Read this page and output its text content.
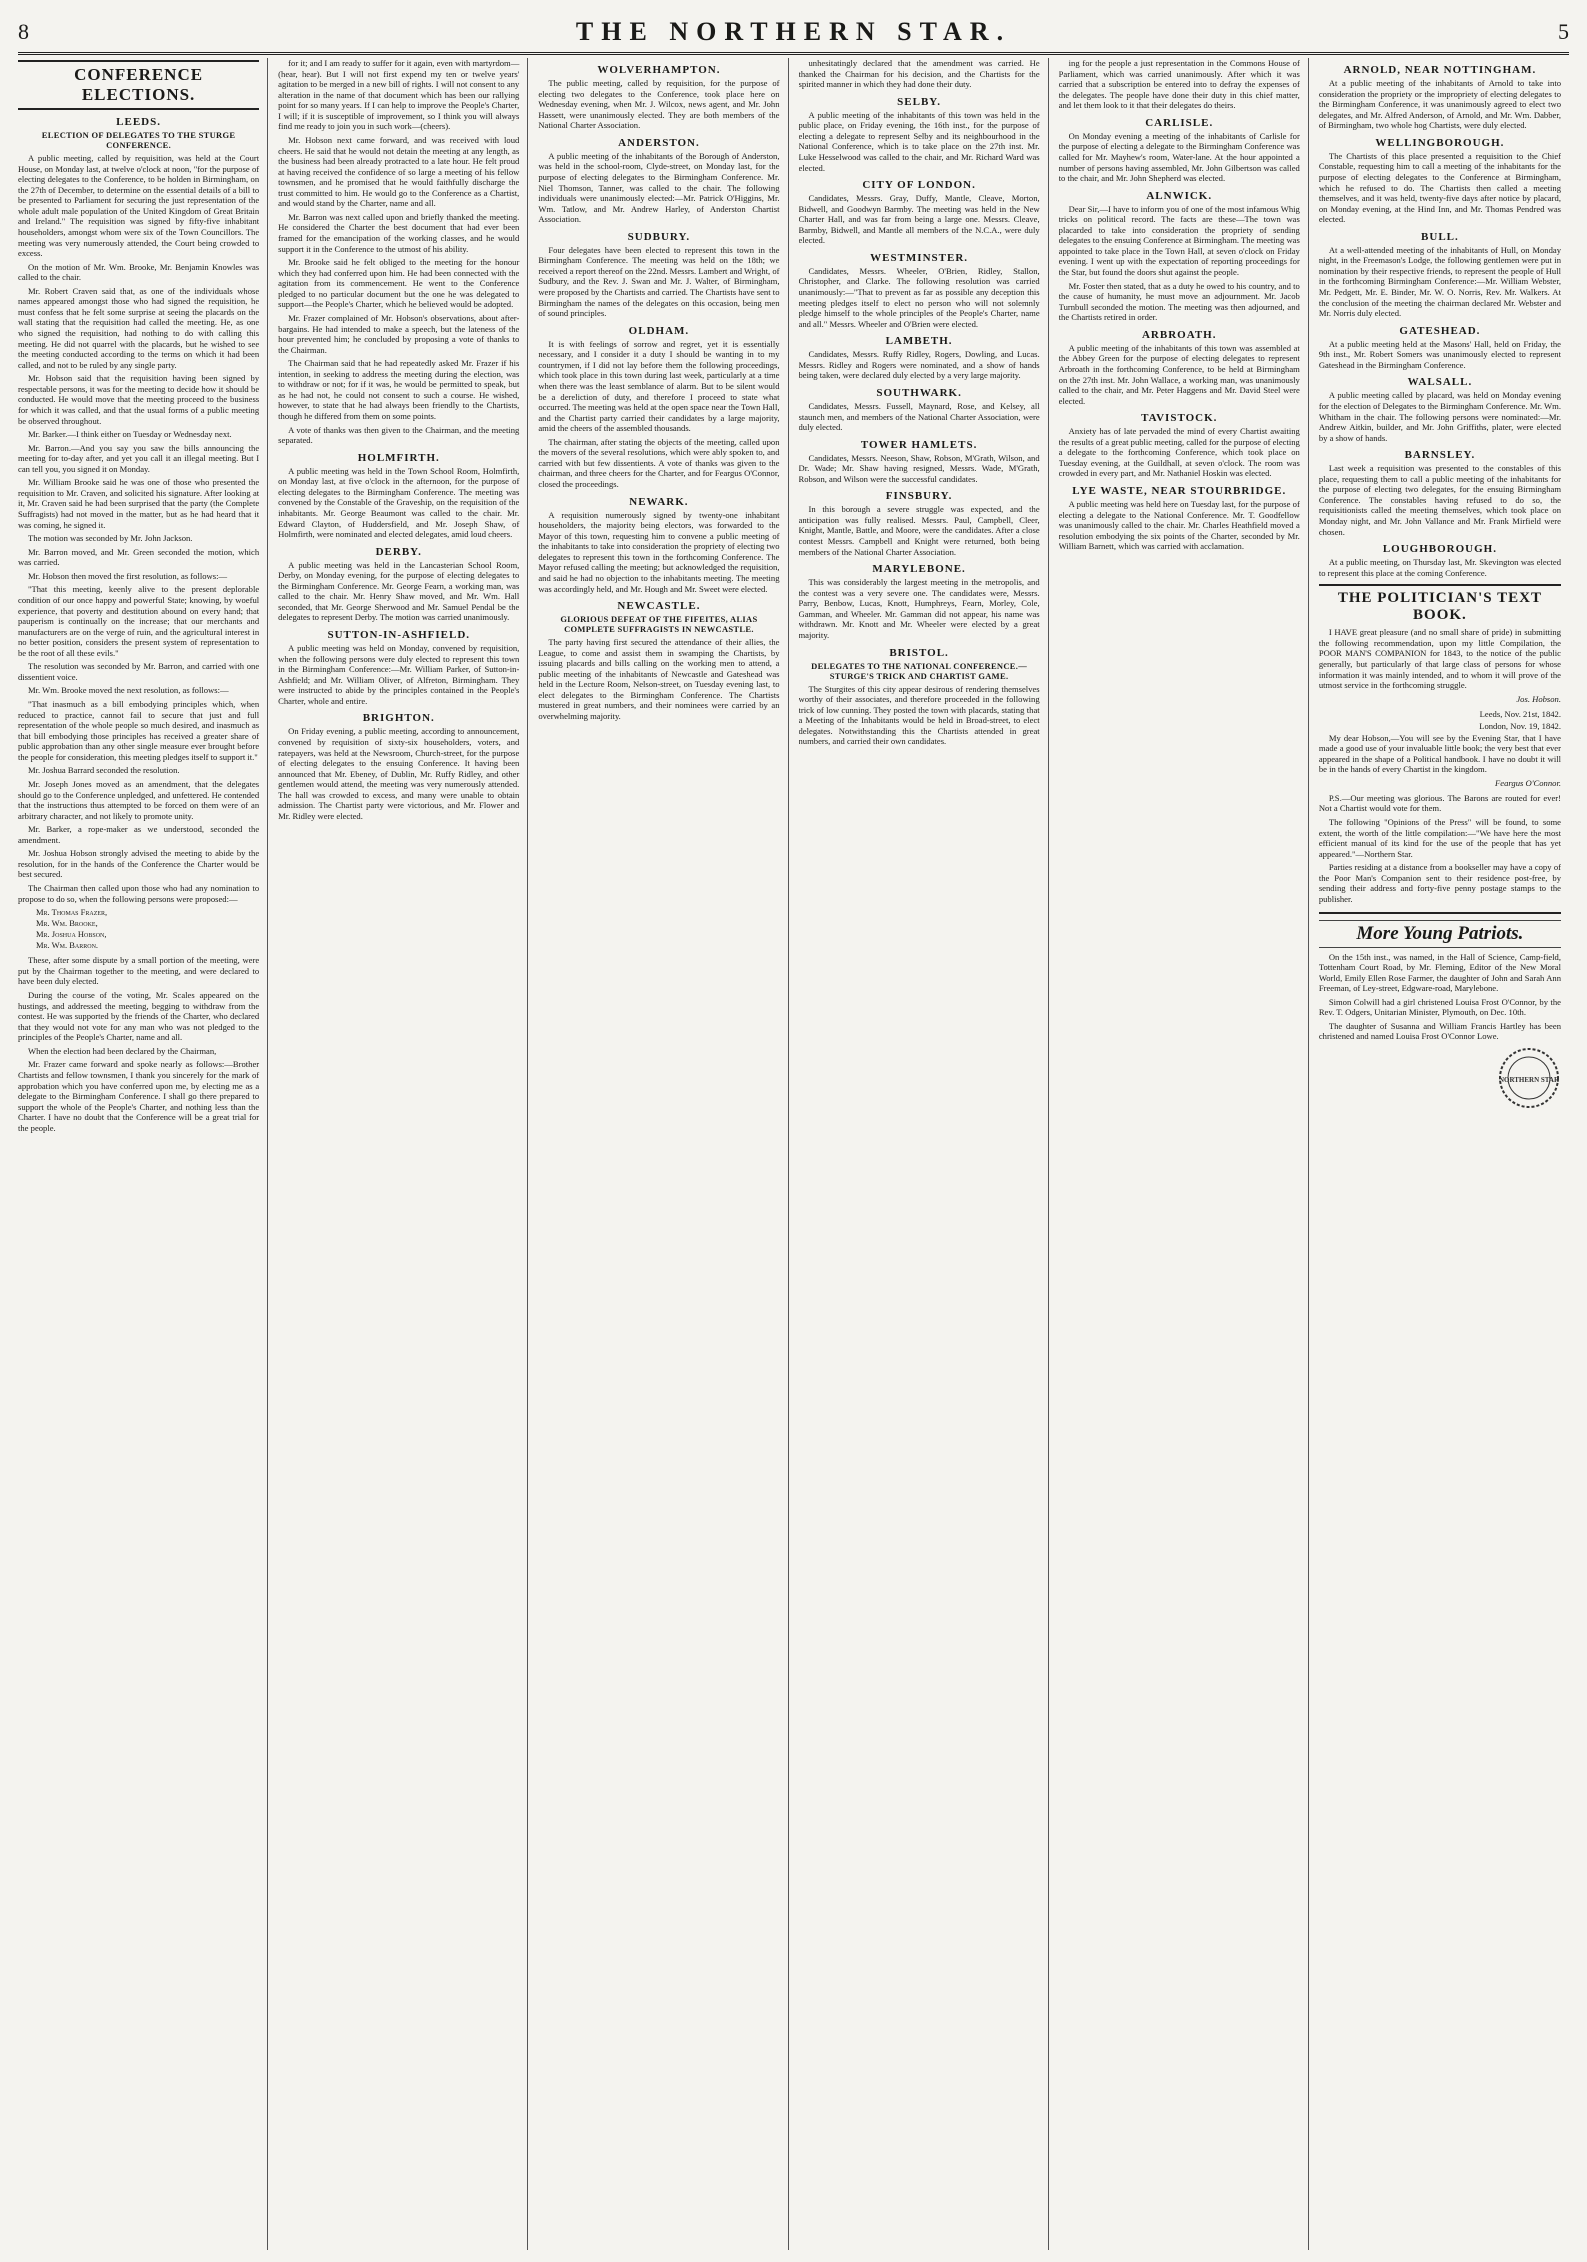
8	THE NORTHERN STAR.	5
CONFERENCE ELECTIONS.
LEEDS.
ELECTION OF DELEGATES TO THE STURGE CONFERENCE.

A public meeting, called by requisition, was held at the Court House, on Monday last, at twelve o'clock at noon, "for the purpose of electing delegates to the Conference, to be holden in Birmingham, on the 27th of December, to determine on the essential details of a bill to be presented to Parliament for securing the just representation of the whole adult male population of the United Kingdom of Great Britain and Ireland." The requisition was signed by fifty-five inhabitant householders, amongst whom were six of the Town Councillors. The meeting was very numerously attended, the Court being crowded to excess.

On the motion of Mr. Wm. Brooke, Mr. Benjamin Knowles was called to the chair.

Mr. Robert Craven said that, as one of the individuals whose names appeared amongst those who had signed the requisition, he must confess that he felt some surprise at seeing the placards on the wall stating that the requisition had called the meeting. He, as one who signed the requisition, had nothing to do with calling this meeting. He did not quarrel with the placards, but he wished to see the meeting conducted according to the terms on which it had been called, and not to be ruled by any single party.

Mr. Hobson said that the requisition having been signed by respectable persons, it was for the meeting to decide how it should be conducted. He would move that the meeting proceed to the business for which it was called, and that the usual forms of a public meeting be observed throughout.

Mr. Barker.—I think either on Tuesday or Wednesday next.

Mr. Barron.—And you say you saw the bills announcing the meeting for to-day after, and yet you call it an illegal meeting. But I can tell you, you signed it on Monday.

Mr. William Brooke said he was one of those who presented the requisition to Mr. Craven, and solicited his signature. After looking at it, Mr. Craven said he had been surprised that the party (the Complete Suffragists) had not moved in the matter, but as he had heard that it was coming, he signed it.

The motion was seconded by Mr. John Jackson.

Mr. Barron moved, and Mr. Green seconded the motion, which was carried.

Mr. Hobson then moved the first resolution, as follows:—

"That this meeting, keenly alive to the present deplorable condition of our once happy and powerful State; knowing, by woeful experience, that poverty and destitution abound on every hand; that pauperism is continually on the increase; that our merchants and manufacturers are on the verge of ruin, and the agricultural interest in no better position, considers the present system of representation to be the root of all these evils."

The resolution was seconded by Mr. Barron, and carried with one dissentient voice.

Mr. Wm. Brooke moved the next resolution, as follows:—

"That inasmuch as a bill embodying principles which, when reduced to practice, cannot fail to secure that just and full representation of the whole people so much desired, and inasmuch as that bill embodying those principles has received a greater share of public approbation than any other single measure ever brought before the people for consideration, this meeting pledges itself to support it."

Mr. Joshua Barrard seconded the resolution.

Mr. Joseph Jones moved as an amendment, that the delegates should go to the Conference unpledged, and unfettered. He contended that the instructions thus attempted to be forced on them were of an arbitrary character, and not likely to promote unity.

Mr. Barker, a rope-maker as we understood, seconded the amendment.

Mr. Joshua Hobson strongly advised the meeting to abide by the resolution, for in the hands of the Conference the Charter would be best secured.

The Chairman then called upon those who had any nomination to propose to do so, when the following persons were proposed:—

Mr. Thomas Frazer,
Mr. Wm. Brooke,
Mr. Joshua Hobson,
Mr. Wm. Barron.

These, after some dispute by a small portion of the meeting, were put by the Chairman together to the meeting, and were declared to have been duly elected.

During the course of the voting, Mr. Scales appeared on the hustings, and addressed the meeting, begging to withdraw from the contest. He was supported by the friends of the Charter, who declared that they would not vote for any man who was not pledged to the principles of the People's Charter, name and all.

When the election had been declared by the Chairman,

Mr. Frazer came forward and spoke nearly as follows:—Brother Chartists and fellow townsmen, I thank you sincerely for the mark of approbation which you have conferred upon me, by electing me as a delegate to the Birmingham Conference. I shall go there prepared to support the whole of the People's Charter, and nothing less than the Charter. I have no doubt that the Conference will be a great trial for the people.

for it; and I am ready to suffer for it again, even with martyrdom—(hear, hear). But I will not first expend my ten or twelve years' agitation to be merged in a new bill of rights. I will not consent to any alteration in the name of that document which has been our rallying point for so many years. If I can help to improve the People's Charter, I will; if it is susceptible of improvement, so I think you will always find me ready to join you in such work—(cheers).

Mr. Hobson next came forward, and was received with loud cheers. He said that he would not detain the meeting at any length, as the business had been already protracted to a late hour. He felt proud at having received the confidence of so large a meeting of his fellow townsmen, and he promised that he would faithfully discharge the trust committed to him. He would go to the Conference as a Chartist, and would stand by the Charter, name and all.

Mr. Barron was next called upon and briefly thanked the meeting. He considered the Charter the best document that had ever been framed for the emancipation of the working classes, and he would support it in the Conference to the utmost of his ability.

Mr. Brooke said he felt obliged to the meeting for the honour which they had conferred upon him. He had been connected with the agitation from its commencement. He went to the Conference pledged to no particular document but the one he was delegated to support—the People's Charter, which he believed would be adopted.

Mr. Frazer complained of Mr. Hobson's observations, about after-bargains. He had intended to make a speech, but the lateness of the hour prevented him; he concluded by proposing a vote of thanks to the Chairman.

The Chairman said that he had repeatedly asked Mr. Frazer if his intention, in seeking to address the meeting during the election, was to withdraw or not; for if it was, he would be permitted to speak, but as he had not, he could not consent to such a course. He wished, however, to state that he had always been friendly to the Chartists, though he differed from them on some points.

A vote of thanks was then given to the Chairman, and the meeting separated.

HOLMFIRTH.

A public meeting was held in the Town School Room, Holmfirth, on Monday last, at five o'clock in the afternoon, for the purpose of electing delegates to the Birmingham Conference. The meeting was convened by the Constable of the Graveship, on the requisition of the inhabitants. Mr. George Beaumont was called to the chair. Mr. Edward Clayton, of Huddersfield, and Mr. Joseph Shaw, of Holmfirth, were nominated and elected delegates, amid loud cheers.

DERBY.

A public meeting was held in the Lancasterian School Room, Derby, on Monday evening, for the purpose of electing delegates to the Birmingham Conference. Mr. George Fearn, a working man, was called to the chair. Mr. Henry Shaw moved, and Mr. Wm. Hall seconded, that Mr. George Sherwood and Mr. Samuel Pendal be the delegates to represent Derby. The motion was carried unanimously.

SUTTON-IN-ASHFIELD.

A public meeting was held on Monday, convened by requisition, when the following persons were duly elected to represent this town in the Birmingham Conference:—Mr. William Parker, of Sutton-in-Ashfield; and Mr. William Oliver, of Alfreton, Birmingham. They were instructed to abide by the principles contained in the People's Charter, whole and entire.

BRIGHTON.

On Friday evening, a public meeting, according to announcement, convened by requisition of sixty-six householders, voters, and ratepayers, was held at the Newsroom, Church-street, for the purpose of electing delegates to the ensuing Conference. It having been announced that Mr. Ebeney, of Dublin, Mr. Ruffy Ridley, and other gentlemen would attend, the meeting was very numerously attended. The hall was crowded to excess, and many were unable to obtain admission. The Chartist party were victorious, and Mr. Flower and Mr. Ridley were elected.

WOLVERHAMPTON.

The public meeting, called by requisition, for the purpose of electing two delegates to the Conference, took place here on Wednesday evening, when Mr. J. Wilcox, news agent, and Mr. John Hassett, were unanimously elected. They are both members of the National Charter Association.

ANDERSTON.

A public meeting of the inhabitants of the Borough of Anderston, was held in the school-room, Clyde-street, on Monday last, for the purpose of electing delegates to the Birmingham Conference. Mr. Niel Thomson, Tanner, was called to the chair. The following individuals were unanimously elected:—Mr. Patrick O'Higgins, Mr. Wm. Tatlow, and Mr. Andrew Harley, of Anderston Chartist Association.

SUDBURY.

Four delegates have been elected to represent this town in the Birmingham Conference. The meeting was held on the 18th; we received a report thereof on the 22nd. Messrs. Lambert and Wright, of Sudbury, and the Rev. J. Swan and Mr. J. Walter, of Birmingham, were proposed by the Chartists and carried. The Chartists have sent to Birmingham the names of the delegates on this occasion, being men of sound principles.

OLDHAM.

It is with feelings of sorrow and regret, yet it is essentially necessary, and I consider it a duty I should be wanting in to my countrymen, if I did not lay before them the following proceedings, which took place in this town during last week, particularly at a time when there was the least semblance of alarm. But to be silent would be a dereliction of duty, and therefore I proceed to state what occurred. The meeting was held at the open space near the Town Hall, and the Chartist party carried their candidates by a large majority, amid the cheers of the assembled thousands.

The chairman, after stating the objects of the meeting, called upon the movers of the several resolutions, which were ably spoken to, and carried with but few dissentients. A vote of thanks was given to the chairman, and three cheers for the Charter, and for Feargus O'Connor, closed the proceedings.

NEWARK.

A requisition numerously signed by twenty-one inhabitant householders, the majority being electors, was forwarded to the Mayor of this town, requesting him to convene a public meeting of the inhabitants to take into consideration the propriety of electing two delegates to represent this town in the forthcoming Conference. The Mayor refused calling the meeting; but acknowledged the requisition, and said he had no objection to the inhabitants meeting. The meeting was accordingly held, and Mr. Hough and Mr. Sweet were elected.

NEWCASTLE.
GLORIOUS DEFEAT OF THE FIFEITES, ALIAS COMPLETE SUFFRAGISTS IN NEWCASTLE.

The party having first secured the attendance of their allies, the League, to come and assist them in swamping the Chartists, by issuing placards and bills calling on the working men to attend, a public meeting of the inhabitants of Newcastle and Gateshead was held in the Lecture Room, Nelson-street, on Tuesday evening last, to elect delegates to the Birmingham Conference. The Chartists mustered in great numbers, and their nominees were carried by an overwhelming majority.

unhesitatingly declared that the amendment was carried. He thanked the Chairman for his decision, and the Chartists for the spirited manner in which they had done their duty.

SELBY.

A public meeting of the inhabitants of this town was held in the public place, on Friday evening, the 16th inst., for the purpose of electing a delegate to represent Selby and its neighbourhood in the National Conference, which is to take place on the 27th inst. Mr. Luke Hesselwood was called to the chair, and Mr. Richard Ward was elected.

CITY OF LONDON.

Candidates, Messrs. Gray, Duffy, Mantle, Cleave, Morton, Bidwell, and Goodwyn Barmby. The meeting was held in the New Charter Hall, and was far from being a large one. Messrs. Cleave, Barmby, Bidwell, and Mantle all members of the N.C.A., were duly elected.

WESTMINSTER.

Candidates, Messrs. Wheeler, O'Brien, Ridley, Stallon, Christopher, and Clarke. The following resolution was carried unanimously:—"That to prevent as far as possible any deception this meeting pledges itself to elect no person who will not solemnly pledge himself to the whole principles of the People's Charter, name and all." Messrs. Wheeler and O'Brien were elected.

LAMBETH.

Candidates, Messrs. Ruffy Ridley, Rogers, Dowling, and Lucas. Messrs. Ridley and Rogers were nominated, and a show of hands being taken, were declared duly elected by a very large majority.

SOUTHWARK.

Candidates, Messrs. Fussell, Maynard, Rose, and Kelsey, all staunch men, and members of the National Charter Association, were duly elected.

TOWER HAMLETS.

Candidates, Messrs. Neeson, Shaw, Robson, M'Grath, Wilson, and Dr. Wade; Mr. Shaw having resigned, Messrs. Wade, M'Grath, Robson, and Wilson were the successful candidates.

FINSBURY.

In this borough a severe struggle was expected, and the anticipation was fully realised. Messrs. Paul, Campbell, Cleer, Knight, Mantle, Battle, and Moore, were the candidates. After a close contest Messrs. Campbell and Knight were returned, both being members of the National Charter Association.

MARYLEBONE.

This was considerably the largest meeting in the metropolis, and the contest was a very severe one. The candidates were, Messrs. Parry, Benbow, Lucas, Knott, Humphreys, Fearn, Morley, Cole, Gamman, and Wheeler. Mr. Gamman did not appear, his name was withdrawn. Mr. Knott and Mr. Wheeler were elected by a great majority.

BRISTOL.
DELEGATES TO THE NATIONAL CONFERENCE.—STURGE'S TRICK AND CHARTIST GAME.

The Sturgites of this city appear desirous of rendering themselves worthy of their associates, and therefore proceeded in the following trick of low cunning. They posted the town with placards, stating that a Meeting of the Inhabitants would be held in Broad-street, to elect delegates. Notwithstanding this the Chartists attended in great numbers, and carried their own candidates.

ing for the people a just representation in the Commons House of Parliament, which was carried unanimously. After which it was carried that a subscription be entered into to defray the expenses of the delegates. The people have done their duty in this chief matter, and let them look to it that their delegates do theirs.

CARLISLE.

On Monday evening a meeting of the inhabitants of Carlisle for the purpose of electing a delegate to the Birmingham Conference was called for Mr. Mayhew's room, Water-lane. At the hour appointed a number of persons having assembled, Mr. John Gilbertson was called to the chair, and Mr. John Shepherd was elected.

ALNWICK.

Dear Sir,—I have to inform you of one of the most infamous Whig tricks on political record. The facts are these—The town was placarded to take into consideration the propriety of sending delegates to the ensuing Conference at Birmingham. The meeting was appointed to take place in the Town Hall, at seven o'clock on Friday evening. I went up with the expectation of reporting proceedings for the Star, but found the doors shut against the people.

Mr. Foster then stated, that as a duty he owed to his country, and to the cause of humanity, he must move an adjournment. Mr. Jacob Turnbull seconded the motion. The meeting was then adjourned, and the Chartists retired in order.

ARBROATH.

A public meeting of the inhabitants of this town was assembled at the Abbey Green for the purpose of electing delegates to represent Arbroath in the forthcoming Conference, to be held at Birmingham on the 27th inst. Mr. John Wallace, a working man, was unanimously called to the chair, and Mr. Peter Haggens and Mr. David Steel were elected.

TAVISTOCK.

Anxiety has of late pervaded the mind of every Chartist awaiting the results of a great public meeting, called for the purpose of electing a delegate to the forthcoming Conference, which took place on Tuesday evening, at the Guildhall, at seven o'clock. The room was crowded in every part, and Mr. Nathaniel Hoskin was elected.

LYE WASTE, NEAR STOURBRIDGE.

A public meeting was held here on Tuesday last, for the purpose of electing a delegate to the National Conference. Mr. T. Goodfellow was unanimously called to the chair. Mr. Charles Heathfield moved a resolution embodying the six points of the Charter, seconded by Mr. William Barnett, which was carried with acclamation.

ARNOLD, NEAR NOTTINGHAM.

At a public meeting of the inhabitants of Arnold to take into consideration the propriety or the impropriety of electing delegates to the Birmingham Conference, it was unanimously agreed to elect two delegates, and Mr. Alfred Anderson, of Arnold, and Mr. Wm. Dabber, of Birmingham, two whole hog Chartists, were duly elected.

WELLINGBOROUGH.

The Chartists of this place presented a requisition to the Chief Constable, requesting him to call a meeting of the inhabitants for the purpose of electing delegates to the Conference at Birmingham, which he refused to do. The Chartists then called a meeting themselves, and it was held, twenty-five days after notice by placard, on Monday evening, at the Hind Inn, and Mr. Thomas Pendred was elected.

BULL.

At a well-attended meeting of the inhabitants of Hull, on Monday night, in the Freemason's Lodge, the following gentlemen were put in nomination by their respective friends, to represent the people of Hull in the forthcoming Birmingham Conference:—Mr. William Webster, Mr. Pedgett, Mr. E. Binder, Mr. W. O. Norris, Rev. Mr. Walkers. At the conclusion of the meeting the chairman declared Mr. Webster and Mr. Norris duly elected.

GATESHEAD.

At a public meeting held at the Masons' Hall, held on Friday, the 9th inst., Mr. Robert Somers was unanimously elected to represent Gateshead in the Birmingham Conference.

WALSALL.

A public meeting called by placard, was held on Monday evening for the election of Delegates to the Birmingham Conference. Mr. Wm. Whitham in the chair. The following persons were nominated:—Mr. Andrew Aitkin, builder, and Mr. John Griffiths, plater, were elected by a show of hands.

BARNSLEY.

Last week a requisition was presented to the constables of this place, requesting them to call a public meeting of the inhabitants for the purpose of electing two delegates, for the ensuing Birmingham Conference. The constables having refused to do so, the requisitionists called the meeting themselves, which took place on Monday night, and Mr. John Vallance and Mr. Frank Mirfield were chosen.

LOUGHBOROUGH.

At a public meeting, on Thursday last, Mr. Skevington was elected to represent this place at the coming Conference.

THE POLITICIAN'S TEXT BOOK.

I HAVE great pleasure (and no small share of pride) in submitting the following recommendation, upon my little Compilation, the POOR MAN'S COMPANION for 1843, to the notice of the public generally, but particularly of that large class of persons for whose information it was mainly intended, and to whom it will prove of the utmost service in the forthcoming struggle.

Jos. Hobson.
Leeds, Nov. 21st, 1842.
London, Nov. 19, 1842.

My dear Hobson,—You will see by the Evening Star, that I have made a good use of your invaluable little book; the very best that ever appeared in the shape of a Political handbook. I have no doubt it will be in the hands of every Chartist in the kingdom.

Feargus O'Connor.

P.S.—Our meeting was glorious. The Barons are routed for ever! Not a Chartist would vote for them.

The following "Opinions of the Press" will be found, to some extent, the worth of the little compilation:—"We have here the most efficient manual of its kind for the use of the people that has yet appeared."—Northern Star.

Parties residing at a distance from a bookseller may have a copy of the Poor Man's Companion sent to their residence post-free, by sending their address and forty-five penny postage stamps to the publisher.

More Young Patriots.

On the 15th inst., was named, in the Hall of Science, Camp-field, Tottenham Court Road, by Mr. Fleming, Editor of the New Moral World, Emily Ellen Rose Farmer, the daughter of John and Sarah Ann Freeman, of Ley-street, Edgware-road, Marylebone.

Simon Colwill had a girl christened Louisa Frost O'Connor, by the Rev. T. Odgers, Unitarian Minister, Plymouth, on Dec. 10th.

The daughter of Susanna and William Francis Hartley has been christened and named Louisa Frost O'Connor Lowe.

NORTHERN STAR
